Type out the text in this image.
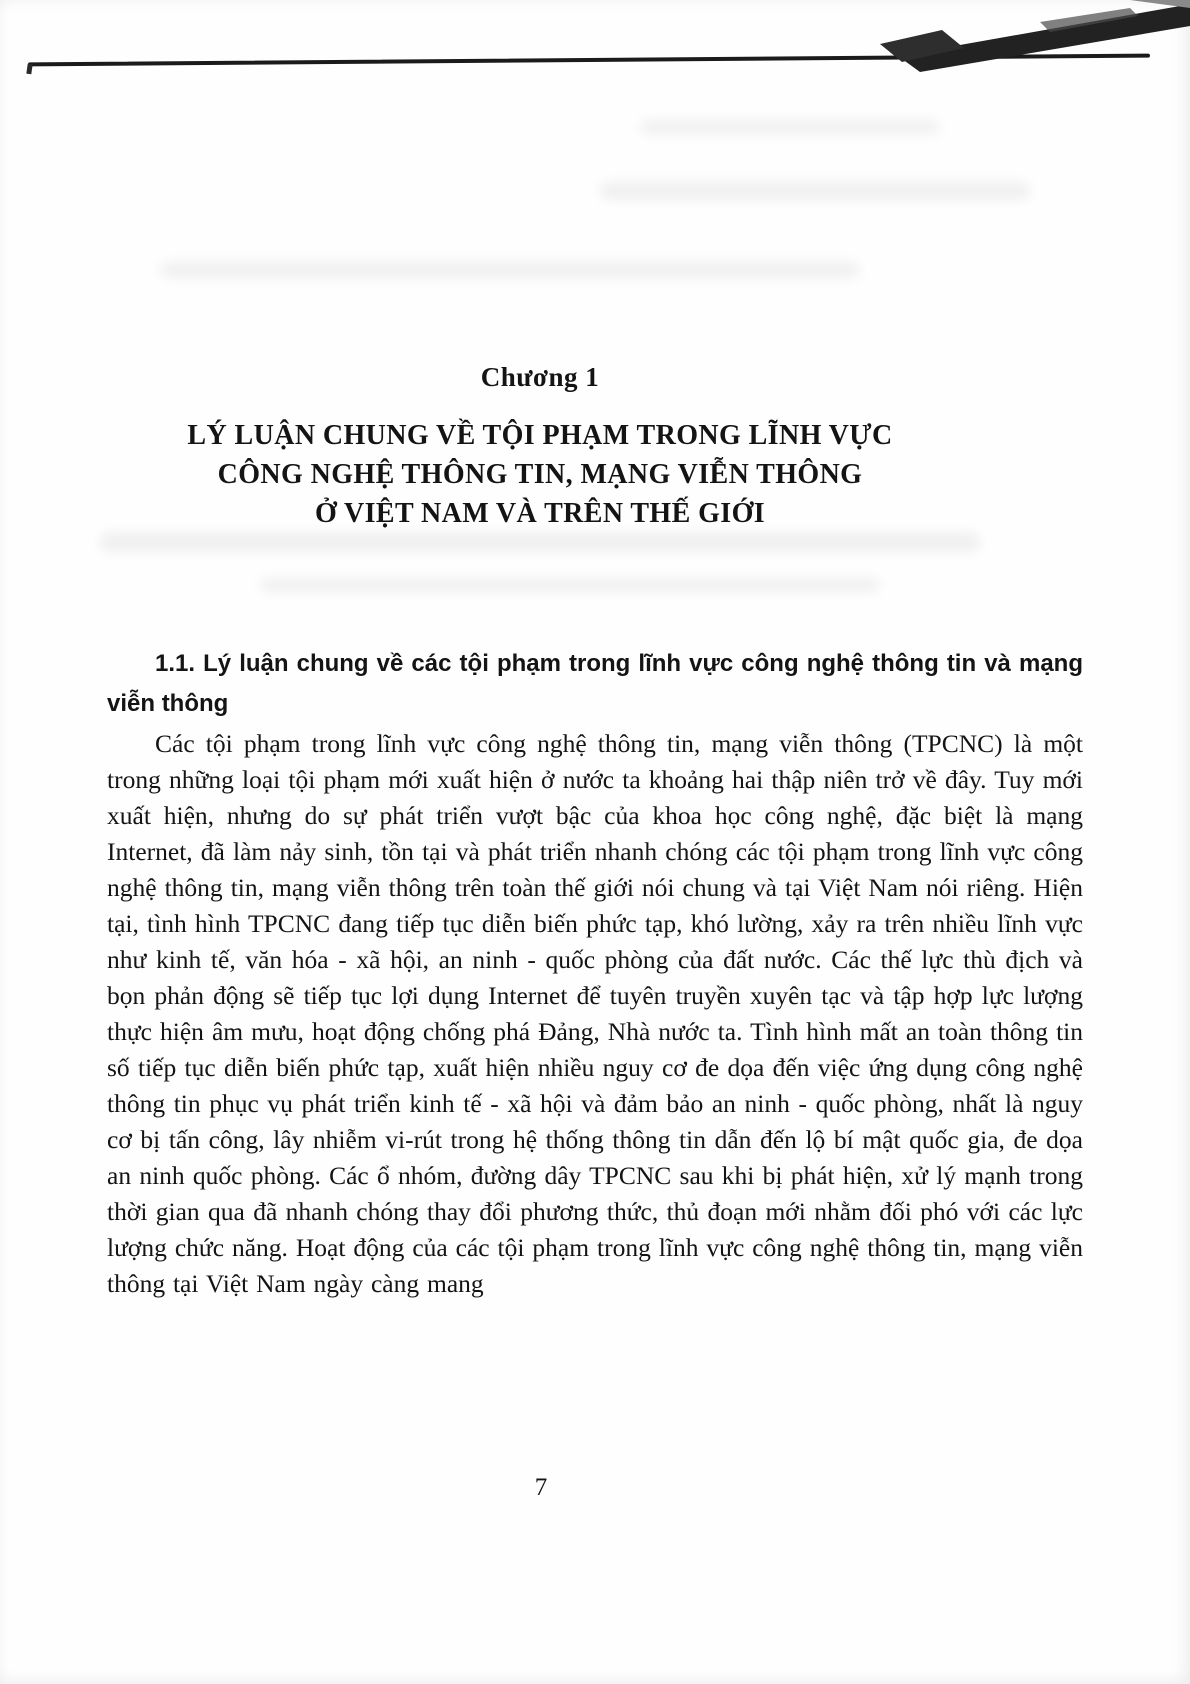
Chương 1
LÝ LUẬN CHUNG VỀ TỘI PHẠM TRONG LĨNH VỰC
CÔNG NGHỆ THÔNG TIN, MẠNG VIỄN THÔNG
Ở VIỆT NAM VÀ TRÊN THẾ GIỚI
1.1. Lý luận chung về các tội phạm trong lĩnh vực công nghệ thông tin và mạng viễn thông
Các tội phạm trong lĩnh vực công nghệ thông tin, mạng viễn thông (TPCNC) là một trong những loại tội phạm mới xuất hiện ở nước ta khoảng hai thập niên trở về đây. Tuy mới xuất hiện, nhưng do sự phát triển vượt bậc của khoa học công nghệ, đặc biệt là mạng Internet, đã làm nảy sinh, tồn tại và phát triển nhanh chóng các tội phạm trong lĩnh vực công nghệ thông tin, mạng viễn thông trên toàn thế giới nói chung và tại Việt Nam nói riêng. Hiện tại, tình hình TPCNC đang tiếp tục diễn biến phức tạp, khó lường, xảy ra trên nhiều lĩnh vực như kinh tế, văn hóa - xã hội, an ninh - quốc phòng của đất nước. Các thế lực thù địch và bọn phản động sẽ tiếp tục lợi dụng Internet để tuyên truyền xuyên tạc và tập hợp lực lượng thực hiện âm mưu, hoạt động chống phá Đảng, Nhà nước ta. Tình hình mất an toàn thông tin số tiếp tục diễn biến phức tạp, xuất hiện nhiều nguy cơ đe dọa đến việc ứng dụng công nghệ thông tin phục vụ phát triển kinh tế - xã hội và đảm bảo an ninh - quốc phòng, nhất là nguy cơ bị tấn công, lây nhiễm vi-rút trong hệ thống thông tin dẫn đến lộ bí mật quốc gia, đe dọa an ninh quốc phòng. Các ổ nhóm, đường dây TPCNC sau khi bị phát hiện, xử lý mạnh trong thời gian qua đã nhanh chóng thay đổi phương thức, thủ đoạn mới nhằm đối phó với các lực lượng chức năng. Hoạt động của các tội phạm trong lĩnh vực công nghệ thông tin, mạng viễn thông tại Việt Nam ngày càng mang
7
